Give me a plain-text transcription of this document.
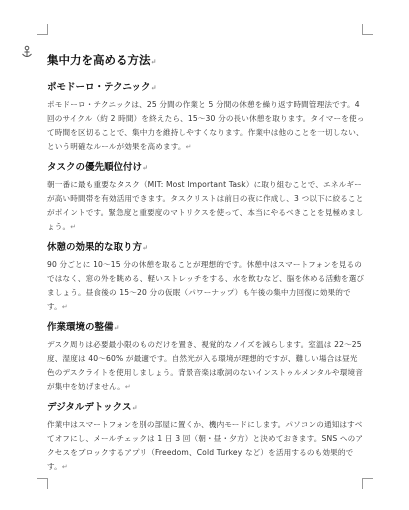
集中力を高める方法↵
ポモドーロ・テクニック↵
ポモドーロ・テクニックは、25 分間の作業と 5 分間の休憩を繰り返す時間管理法です。4 回のサイクル（約 2 時間）を終えたら、15～30 分の長い休憩を取ります。タイマーを使って時間を区切ることで、集中力を維持しやすくなります。作業中は他のことを一切しない、という明確なルールが効果を高めます。↵
タスクの優先順位付け↵
朝一番に最も重要なタスク（MIT: Most Important Task）に取り組むことで、エネルギーが高い時間帯を有効活用できます。タスクリストは前日の夜に作成し、3 つ以下に絞ることがポイントです。緊急度と重要度のマトリクスを使って、本当にやるべきことを見極めましょう。↵
休憩の効果的な取り方↵
90 分ごとに 10～15 分の休憩を取ることが理想的です。休憩中はスマートフォンを見るのではなく、窓の外を眺める、軽いストレッチをする、水を飲むなど、脳を休める活動を選びましょう。昼食後の 15～20 分の仮眠（パワーナップ）も午後の集中力回復に効果的です。↵
作業環境の整備↵
デスク周りは必要最小限のものだけを置き、視覚的なノイズを減らします。室温は 22～25 度、湿度は 40～60% が最適です。自然光が入る環境が理想的ですが、難しい場合は昼光色のデスクライトを使用しましょう。背景音楽は歌詞のないインストゥルメンタルや環境音が集中を妨げません。↵
デジタルデトックス↵
作業中はスマートフォンを別の部屋に置くか、機内モードにします。パソコンの通知はすべてオフにし、メールチェックは 1 日 3 回（朝・昼・夕方）と決めておきます。SNS へのアクセスをブロックするアプリ（Freedom、Cold Turkey など）を活用するのも効果的です。↵
